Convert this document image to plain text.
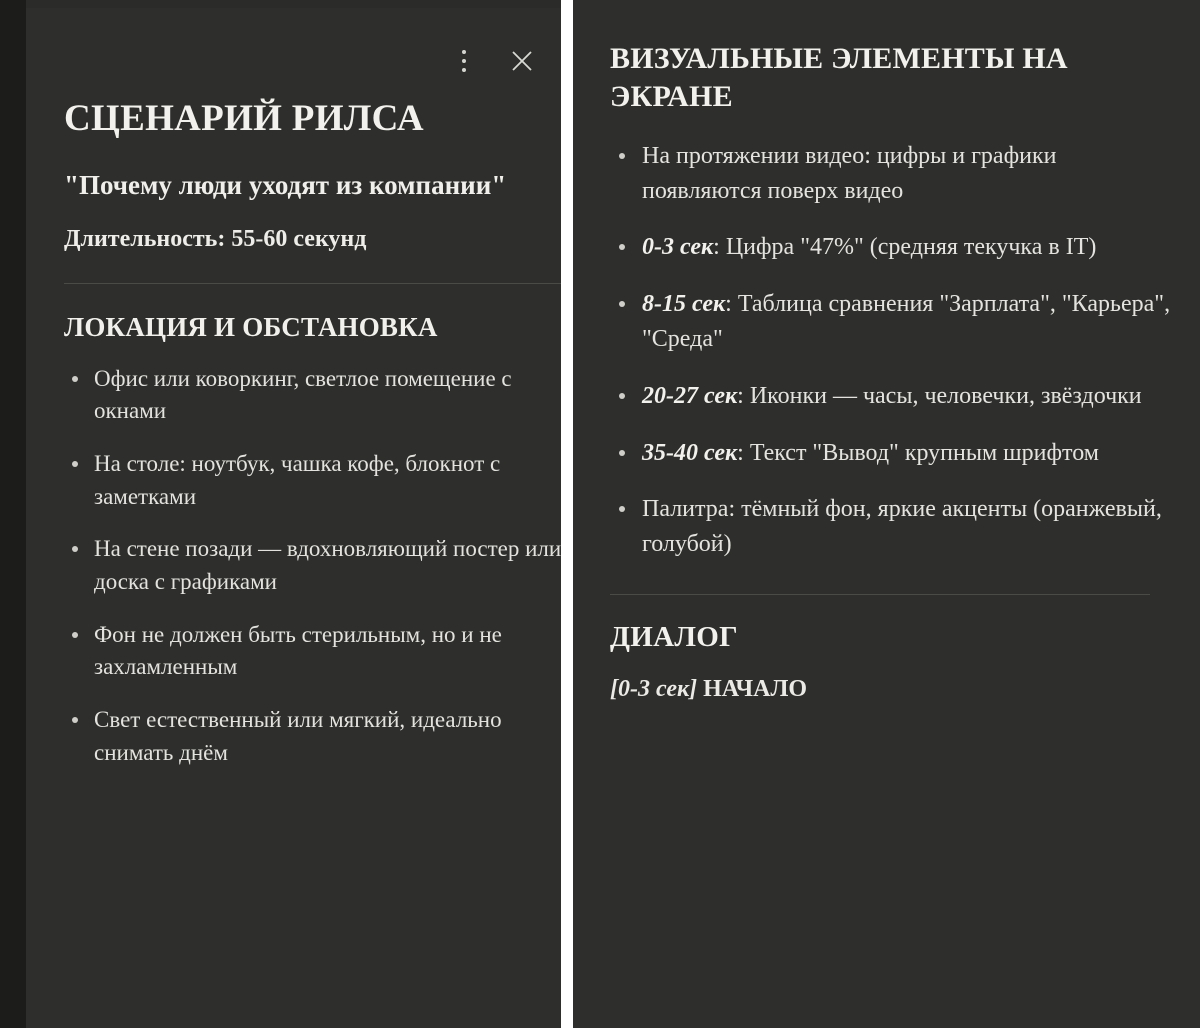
СЦЕНАРИЙ РИЛСА
"Почему люди уходят из компании"

Длительность: 55-60 секунд

ЛОКАЦИЯ И ОБСТАНОВКА
Офис или коворкинг, светлое помещение с окнами
На столе: ноутбук, чашка кофе, блокнот с заметками
На стене позади — вдохновляющий постер или доска с графиками
Фон не должен быть стерильным, но и не захламленным
Свет естественный или мягкий, идеально снимать днём
ВИЗУАЛЬНЫЕ ЭЛЕМЕНТЫ НА ЭКРАНЕ
На протяжении видео: цифры и графики появляются поверх видео
0-3 сек: Цифра "47%" (средняя текучка в IT)
8-15 сек: Таблица сравнения "Зарплата", "Карьера", "Среда"
20-27 сек: Иконки — часы, человечки, звёздочки
35-40 сек: Текст "Вывод" крупным шрифтом
Палитра: тёмный фон, яркие акценты (оранжевый, голубой)
ДИАЛОГ

[0-3 сек] НАЧАЛО
